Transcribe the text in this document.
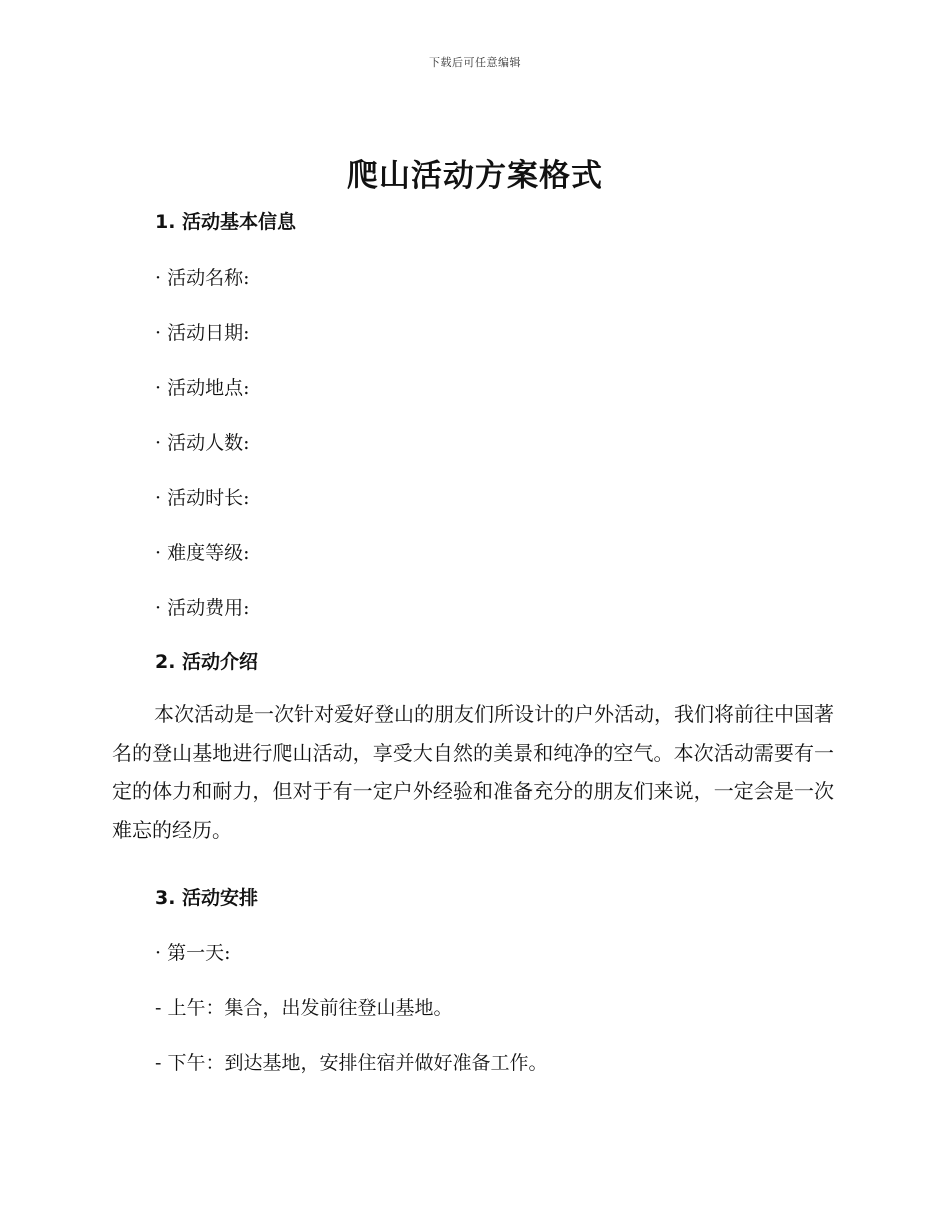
下载后可任意编辑
爬山活动方案格式
1. 活动基本信息

· 活动名称:

· 活动日期:

· 活动地点:

· 活动人数:

· 活动时长:

· 难度等级:

· 活动费用:

2. 活动介绍

本次活动是一次针对爱好登山的朋友们所设计的户外活动，我们将前往中国著名的登山基地进行爬山活动，享受大自然的美景和纯净的空气。本次活动需要有一定的体力和耐力，但对于有一定户外经验和准备充分的朋友们来说，一定会是一次难忘的经历。

3. 活动安排

· 第一天:

- 上午：集合，出发前往登山基地。

- 下午：到达基地，安排住宿并做好准备工作。
